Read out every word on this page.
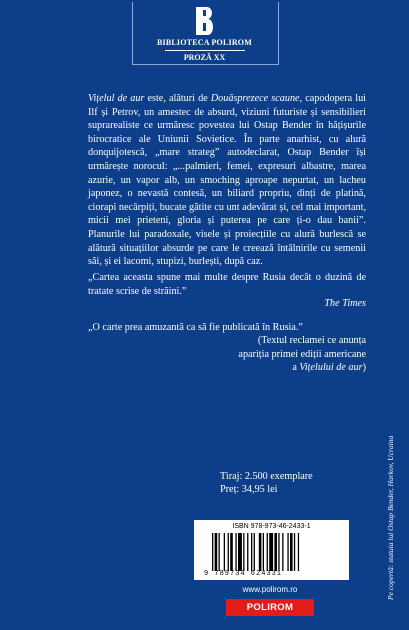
BIBLIOTECA POLIROM
PROZĂ XX

Vițelul de aur este, alături de Douăsprezece scaune, capodopera lui Ilf și Petrov, un amestec de absurd, viziuni futuriste și sensibilieri suprarealiste ce urmăresc povestea lui Ostap Bender în hățișurile birocratice ale Uniunii Sovietice. În parte anarhist, cu alură donquijotescă, „mare strateg” autodeclarat, Ostap Bender își urmărește norocul: „...palmieri, femei, expresuri albastre, marea azurie, un vapor alb, un smoching aproape nepurtat, un lacheu japonez, o nevastă contesă, un biliard propriu, dinți de platină, ciorapi necârpiți, bucate gătite cu unt adevărat și, cel mai important, micii mei prieteni, gloria și puterea pe care ți-o dau banii”. Planurile lui paradoxale, visele și proiecțiile cu alură burlescă se alătură situațiilor absurde pe care le creează întâlnirile cu semenii săi, și ei lacomi, stupizi, burlești, după caz.

„Cartea aceasta spune mai multe despre Rusia decât o duzină de tratate scrise de străini.”
The Times
„O carte prea amuzantă ca să fie publicată în Rusia.”
(Textul reclamei ce anunța
apariția primei ediții americane
a Vițelului de aur)
Pe copertă: statuia lui Ostap Bender, Harkov, Ucraina
Tiraj: 2.500 exemplare
Preț: 34,95 lei
ISBN 978-973-46-2433-1
9 789734 624331
www.polirom.ro
POLIROM
